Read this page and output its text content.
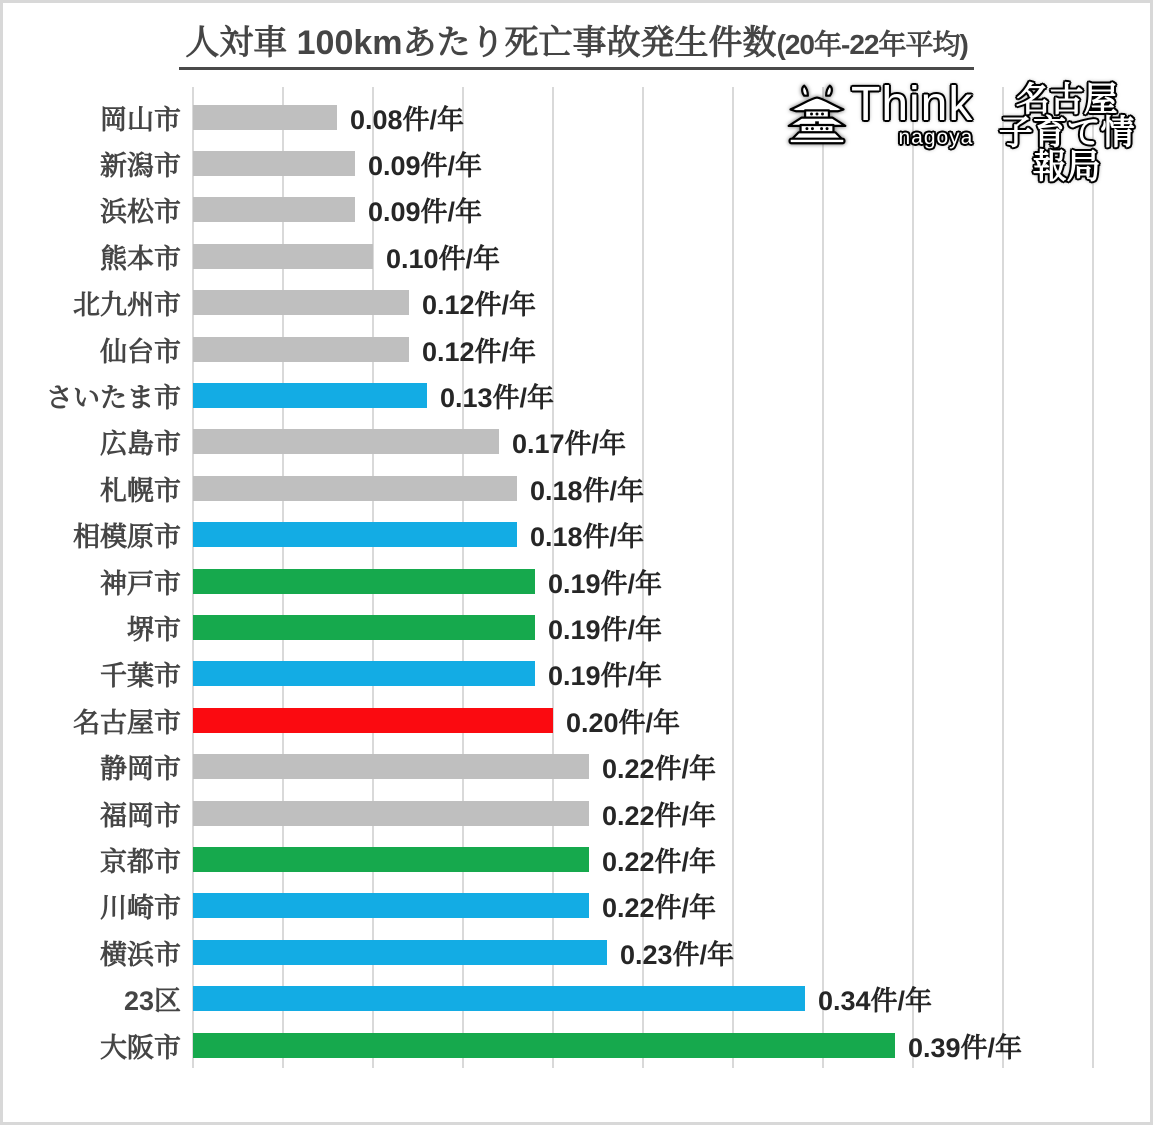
人対車 100kmあたり死亡事故発生件数(20年-22年平均)
岡山市	0.08件/年
新潟市	0.09件/年
浜松市	0.09件/年
熊本市	0.10件/年
北九州市	0.12件/年
仙台市	0.12件/年
さいたま市	0.13件/年
広島市	0.17件/年
札幌市	0.18件/年
相模原市	0.18件/年
神戸市	0.19件/年
堺市	0.19件/年
千葉市	0.19件/年
名古屋市	0.20件/年
静岡市	0.22件/年
福岡市	0.22件/年
京都市	0.22件/年
川崎市	0.22件/年
横浜市	0.23件/年
23区	0.34件/年
大阪市	0.39件/年
Think
nagoya
名古屋
子育て情報局
